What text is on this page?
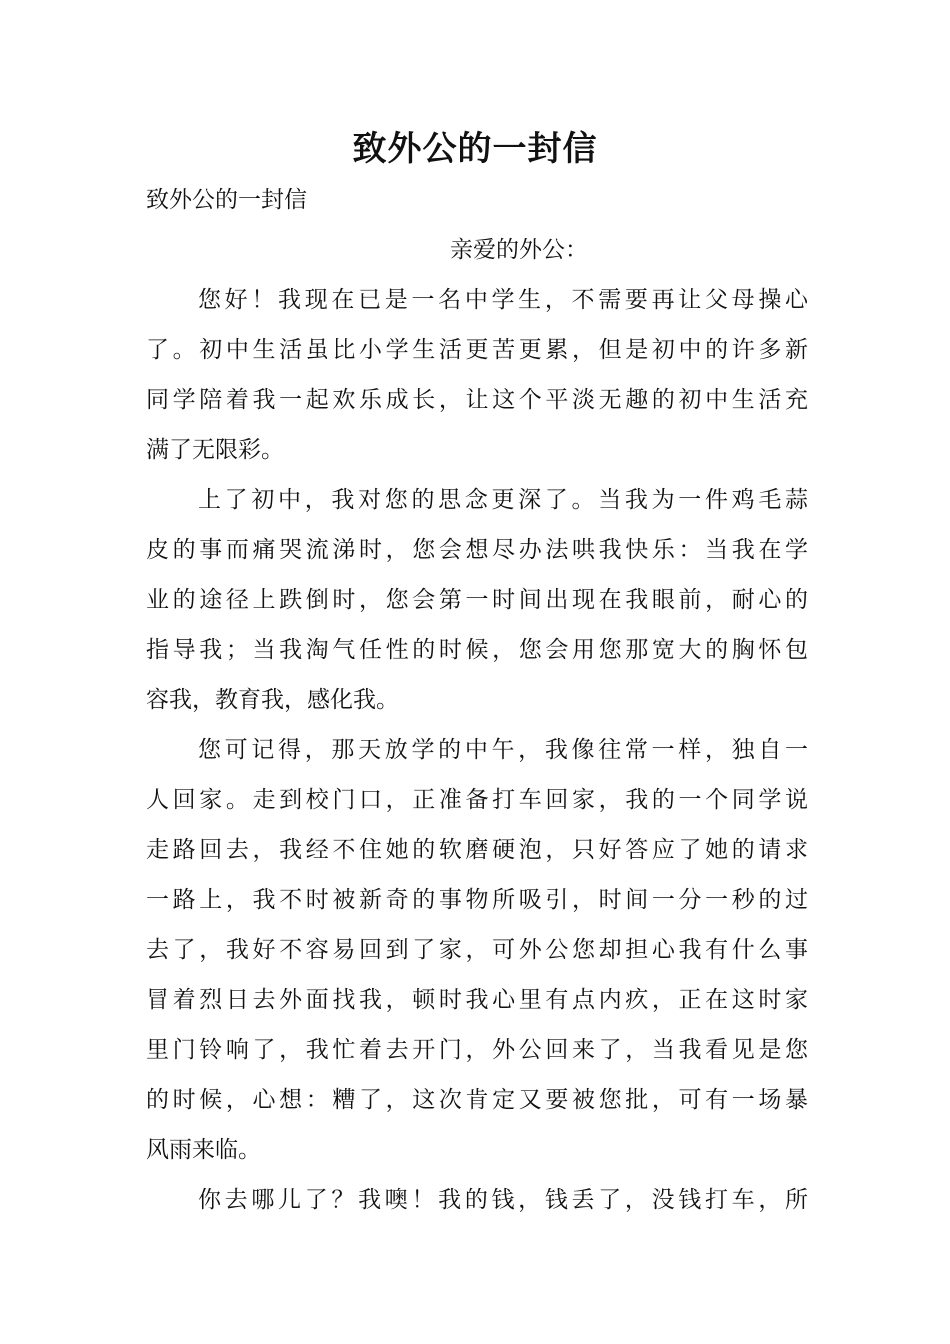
致外公的一封信

致外公的一封信

亲爱的外公：

您好！我现在已是一名中学生，不需要再让父母操心
了。初中生活虽比小学生活更苦更累，但是初中的许多新
同学陪着我一起欢乐成长，让这个平淡无趣的初中生活充
满了无限彩。
上了初中，我对您的思念更深了。当我为一件鸡毛蒜
皮的事而痛哭流涕时，您会想尽办法哄我快乐：当我在学
业的途径上跌倒时，您会第一时间出现在我眼前，耐心的
指导我；当我淘气任性的时候，您会用您那宽大的胸怀包
容我，教育我，感化我。
您可记得，那天放学的中午，我像往常一样，独自一
人回家。走到校门口，正准备打车回家，我的一个同学说
走路回去，我经不住她的软磨硬泡，只好答应了她的请求
一路上，我不时被新奇的事物所吸引，时间一分一秒的过
去了，我好不容易回到了家，可外公您却担心我有什么事
冒着烈日去外面找我，顿时我心里有点内疚，正在这时家
里门铃响了，我忙着去开门，外公回来了，当我看见是您
的时候，心想：糟了，这次肯定又要被您批，可有一场暴
风雨来临。
你去哪儿了？我噢！我的钱，钱丢了，没钱打车，所
